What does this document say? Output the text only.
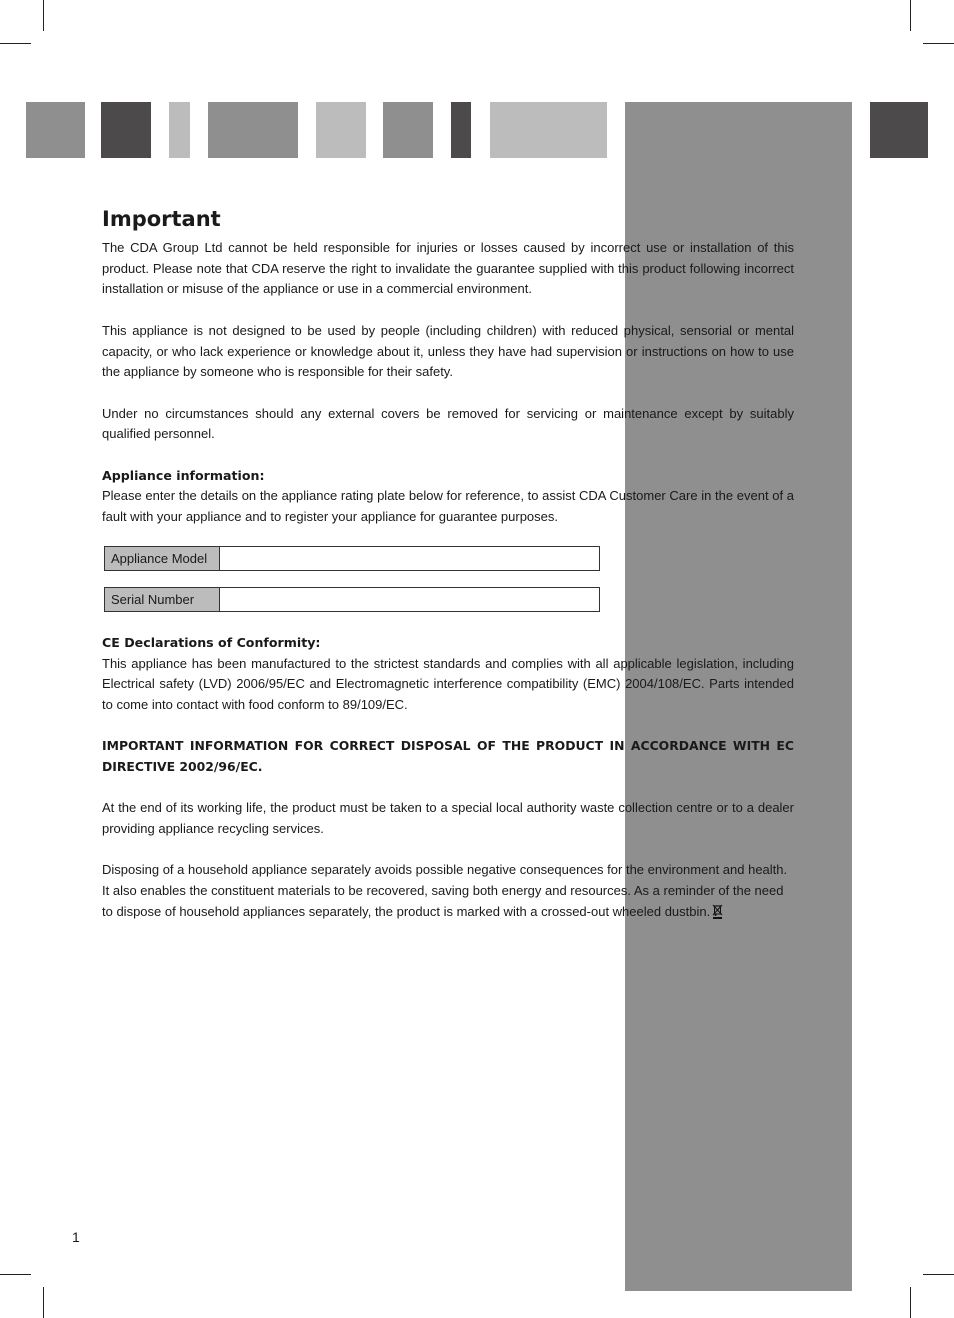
Important

The CDA Group Ltd cannot be held responsible for injuries or losses caused by incorrect use or installation of this product. Please note that CDA reserve the right to invalidate the guarantee supplied with this product following incorrect installation or misuse of the appliance or use in a commercial environment.

This appliance is not designed to be used by people (including children) with reduced physical, sensorial or mental capacity, or who lack experience or knowledge about it, unless they have had supervision or instructions on how to use the appliance by someone who is responsible for their safety.

Under no circumstances should any external covers be removed for servicing or maintenance except by suitably qualified personnel.

Appliance information:

Please enter the details on the appliance rating plate below for reference, to assist CDA Customer Care in the event of a fault with your appliance and to register your appliance for guarantee purposes.

Appliance Model
Serial Number
CE Declarations of Conformity:

This appliance has been manufactured to the strictest standards and complies with all applicable legislation, including Electrical safety (LVD) 2006/95/EC and Electromagnetic interference compatibility (EMC) 2004/108/EC. Parts intended to come into contact with food conform to 89/109/EC.

IMPORTANT INFORMATION FOR CORRECT DISPOSAL OF THE PRODUCT IN ACCORDANCE WITH EC DIRECTIVE 2002/96/EC.

At the end of its working life, the product must be taken to a special local authority waste collection centre or to a dealer providing appliance recycling services.

Disposing of a household appliance separately avoids possible negative consequences for the environment and health. It also enables the constituent materials to be recovered, saving both energy and resources. As a reminder of the need to dispose of household appliances separately, the product is marked with a crossed-out wheeled dustbin.

1
